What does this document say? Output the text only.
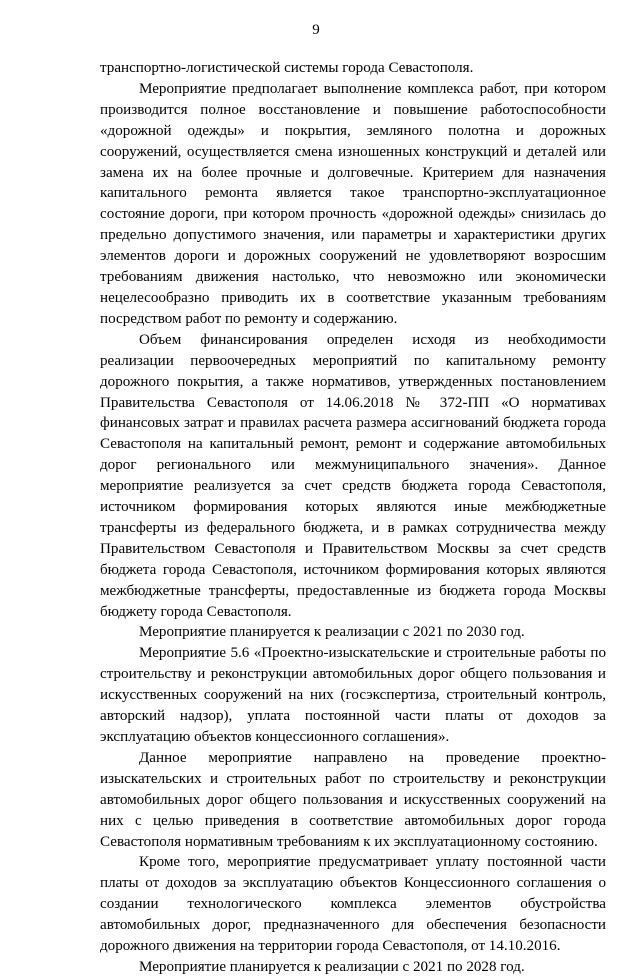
9

транспортно-логистической системы города Севастополя.

Мероприятие предполагает выполнение комплекса работ, при котором производится полное восстановление и повышение работоспособности «дорожной одежды» и покрытия, земляного полотна и дорожных сооружений, осуществляется смена изношенных конструкций и деталей или замена их на более прочные и долговечные. Критерием для назначения капитального ремонта является такое транспортно-эксплуатационное состояние дороги, при котором прочность «дорожной одежды» снизилась до предельно допустимого значения, или параметры и характеристики других элементов дороги и дорожных сооружений не удовлетворяют возросшим требованиям движения настолько, что невозможно или экономически нецелесообразно приводить их в соответствие указанным требованиям посредством работ по ремонту и содержанию.

Объем финансирования определен исходя из необходимости реализации первоочередных мероприятий по капитальному ремонту дорожного покрытия, а также нормативов, утвержденных постановлением Правительства Севастополя от 14.06.2018 № 372-ПП «О нормативах финансовых затрат и правилах расчета размера ассигнований бюджета города Севастополя на капитальный ремонт, ремонт и содержание автомобильных дорог регионального или межмуниципального значения». Данное мероприятие реализуется за счет средств бюджета города Севастополя, источником формирования которых являются иные межбюджетные трансферты из федерального бюджета, и в рамках сотрудничества между Правительством Севастополя и Правительством Москвы за счет средств бюджета города Севастополя, источником формирования которых являются межбюджетные трансферты, предоставленные из бюджета города Москвы бюджету города Севастополя.

Мероприятие планируется к реализации с 2021 по 2030 год.

Мероприятие 5.6 «Проектно-изыскательские и строительные работы по строительству и реконструкции автомобильных дорог общего пользования и искусственных сооружений на них (госэкспертиза, строительный контроль, авторский надзор), уплата постоянной части платы от доходов за эксплуатацию объектов концессионного соглашения».

Данное мероприятие направлено на проведение проектно-изыскательских и строительных работ по строительству и реконструкции автомобильных дорог общего пользования и искусственных сооружений на них с целью приведения в соответствие автомобильных дорог города Севастополя нормативным требованиям к их эксплуатационному состоянию.

Кроме того, мероприятие предусматривает уплату постоянной части платы от доходов за эксплуатацию объектов Концессионного соглашения о создании технологического комплекса элементов обустройства автомобильных дорог, предназначенного для обеспечения безопасности дорожного движения на территории города Севастополя, от 14.10.2016.

Мероприятие планируется к реализации с 2021 по 2028 год.
